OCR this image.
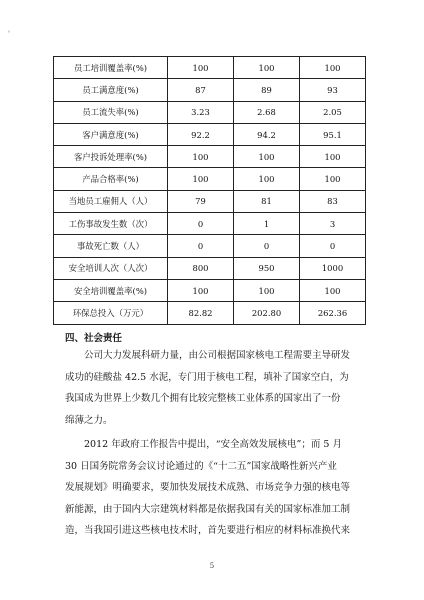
'
员工培训覆盖率(%)	100	100	100
员工满意度(%)	87	89	93
员工流失率(%)	3.23	2.68	2.05
客户满意度(%)	92.2	94.2	95.1
客户投诉处理率(%)	100	100	100
产品合格率(%)	100	100	100
当地员工雇佣人（人）	79	81	83
工伤事故发生数（次）	0	1	3
事故死亡数（人）	0	0	0
安全培训人次（人次）	800	950	1000
安全培训覆盖率(%)	100	100	100
环保总投入（万元）	82.82	202.80	262.36
四、社会责任
公司大力发展科研力量，由公司根据国家核电工程需要主导研发
成功的硅酸盐 42.5 水泥，专门用于核电工程，填补了国家空白，为
我国成为世界上少数几个拥有比较完整核工业体系的国家出了一份
绵薄之力。
2012 年政府工作报告中提出，“安全高效发展核电”；而 5 月
30 日国务院常务会议讨论通过的《“十二五”国家战略性新兴产业
发展规划》明确要求，要加快发展技术成熟、市场竞争力强的核电等
新能源，由于国内大宗建筑材料都是依据我国有关的国家标准加工制
造，当我国引进这些核电技术时，首先要进行相应的材料标准换代来
5
